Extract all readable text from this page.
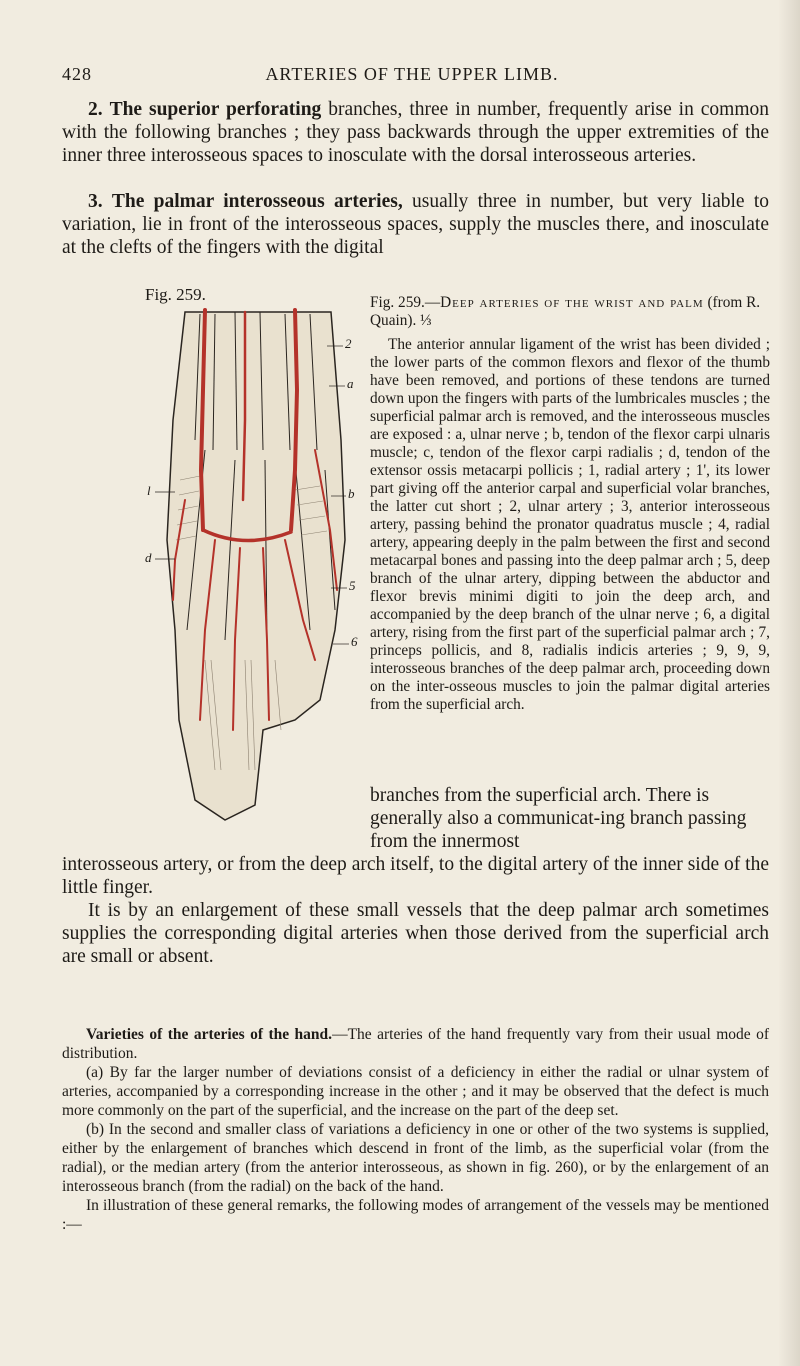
428	ARTERIES OF THE UPPER LIMB.

2. The superior perforating branches, three in number, frequently arise in common with the following branches ; they pass backwards through the upper extremities of the inner three interosseous spaces to inosculate with the dorsal interosseous arteries.

3. The palmar interosseous arteries, usually three in number, but very liable to variation, lie in front of the interosseous spaces, supply the muscles there, and inosculate at the clefts of the fingers with the digital

Fig. 259.
2
a
b
l
d
5
6

Fig. 259.—Deep arteries of the wrist and palm (from R. Quain). ⅓

The anterior annular ligament of the wrist has been divided ; the lower parts of the common flexors and flexor of the thumb have been removed, and portions of these tendons are turned down upon the fingers with parts of the lumbricales muscles ; the superficial palmar arch is removed, and the interosseous muscles are exposed : a, ulnar nerve ; b, tendon of the flexor carpi ulnaris muscle; c, tendon of the flexor carpi radialis ; d, tendon of the extensor ossis metacarpi pollicis ; 1, radial artery ; 1', its lower part giving off the anterior carpal and superficial volar branches, the latter cut short ; 2, ulnar artery ; 3, anterior interosseous artery, passing behind the pronator quadratus muscle ; 4, radial artery, appearing deeply in the palm between the first and second metacarpal bones and passing into the deep palmar arch ; 5, deep branch of the ulnar artery, dipping between the abductor and flexor brevis minimi digiti to join the deep arch, and accompanied by the deep branch of the ulnar nerve ; 6, a digital artery, rising from the first part of the superficial palmar arch ; 7, princeps pollicis, and 8, radialis indicis arteries ; 9, 9, 9, interosseous branches of the deep palmar arch, proceeding down on the inter-osseous muscles to join the palmar digital arteries from the superficial arch.

branches from the superficial arch. There is generally also a communicat-ing branch passing from the innermost

interosseous artery, or from the deep arch itself, to the digital artery of the inner side of the little finger.

It is by an enlargement of these small vessels that the deep palmar arch sometimes supplies the corresponding digital arteries when those derived from the superficial arch are small or absent.

Varieties of the arteries of the hand.—The arteries of the hand frequently vary from their usual mode of distribution.

(a) By far the larger number of deviations consist of a deficiency in either the radial or ulnar system of arteries, accompanied by a corresponding increase in the other ; and it may be observed that the defect is much more commonly on the part of the superficial, and the increase on the part of the deep set.

(b) In the second and smaller class of variations a deficiency in one or other of the two systems is supplied, either by the enlargement of branches which descend in front of the limb, as the superficial volar (from the radial), or the median artery (from the anterior interosseous, as shown in fig. 260), or by the enlargement of an interosseous branch (from the radial) on the back of the hand.

In illustration of these general remarks, the following modes of arrangement of the vessels may be mentioned :—
